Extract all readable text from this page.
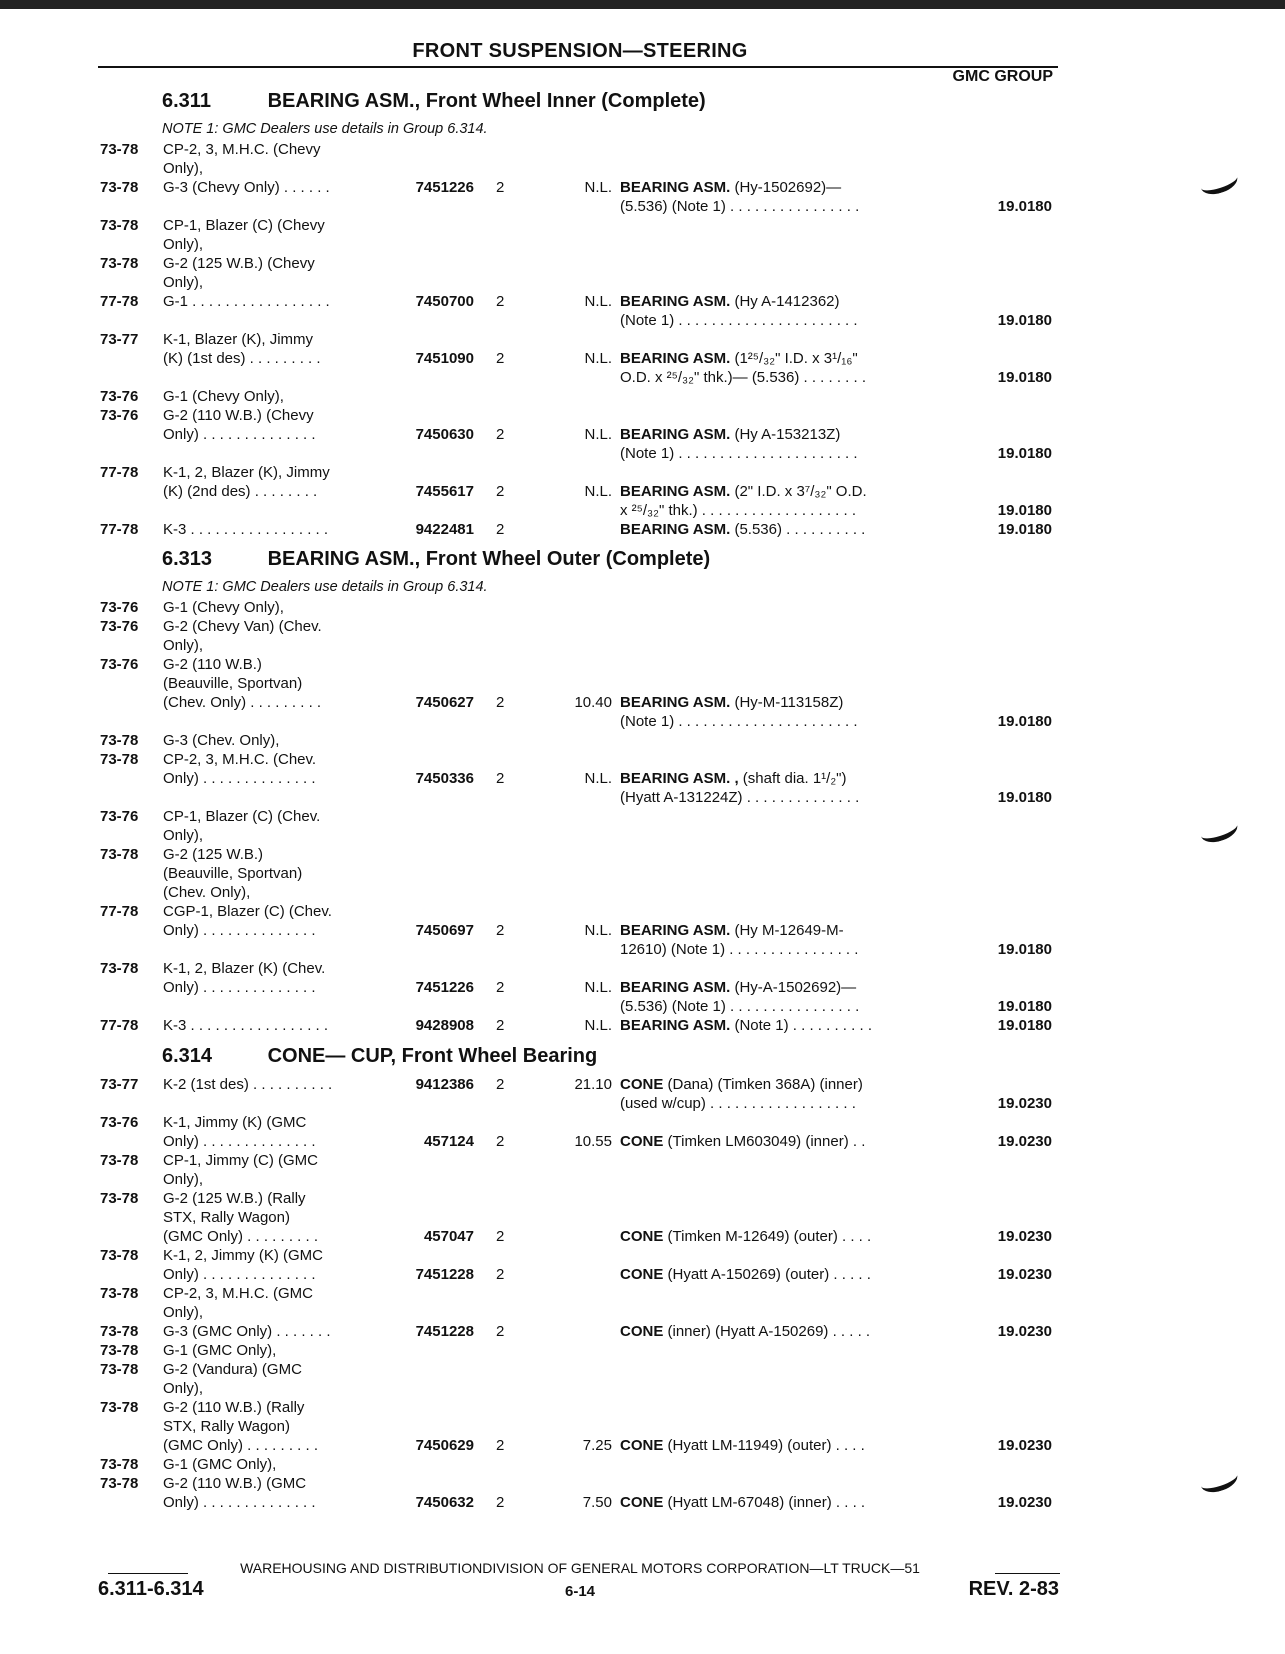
FRONT SUSPENSION—STEERING
GMC GROUP
6.311	BEARING ASM., Front Wheel Inner (Complete)
NOTE 1: GMC Dealers use details in Group 6.314.
6.313	BEARING ASM., Front Wheel Outer (Complete)
NOTE 1: GMC Dealers use details in Group 6.314.
6.314	CONE— CUP, Front Wheel Bearing
73-78	CP-2, 3, M.H.C. (Chevy
Only),
73-78	G-3 (Chevy Only) . . . . . .	7451226 2	N.L. BEARING ASM. (Hy-1502692)—
(5.536) (Note 1) . . . . . . . . . . . . . . . .	19.0180
73-78	CP-1, Blazer (C) (Chevy
Only),
73-78	G-2 (125 W.B.) (Chevy
Only),
77-78	G-1 . . . . . . . . . . . . . . . . .	7450700 2	N.L. BEARING ASM. (Hy A-1412362)
(Note 1) . . . . . . . . . . . . . . . . . . . . . .	19.0180
73-77	K-1, Blazer (K), Jimmy
(K) (1st des) . . . . . . . . .	7451090 2	N.L. BEARING ASM. (1²⁵/₃₂" I.D. x 3¹/₁₆"
O.D. x ²⁵/₃₂" thk.)— (5.536) . . . . . . . .	19.0180
73-76	G-1 (Chevy Only),
73-76	G-2 (110 W.B.) (Chevy
Only) . . . . . . . . . . . . . .	7450630 2	N.L. BEARING ASM. (Hy A-153213Z)
(Note 1) . . . . . . . . . . . . . . . . . . . . . .	19.0180
77-78	K-1, 2, Blazer (K), Jimmy
(K) (2nd des) . . . . . . . .	7455617 2	N.L. BEARING ASM. (2" I.D. x 3⁷/₃₂" O.D.
x ²⁵/₃₂" thk.) . . . . . . . . . . . . . . . . . . .	19.0180
77-78	K-3 . . . . . . . . . . . . . . . . .	9422481 2	BEARING ASM. (5.536) . . . . . . . . . .	19.0180
73-76	G-1 (Chevy Only),
73-76	G-2 (Chevy Van) (Chev.
Only),
73-76	G-2 (110 W.B.)
(Beauville, Sportvan)
(Chev. Only) . . . . . . . . .	7450627 2	10.40 BEARING ASM. (Hy-M-113158Z)
(Note 1) . . . . . . . . . . . . . . . . . . . . . .	19.0180
73-78	G-3 (Chev. Only),
73-78	CP-2, 3, M.H.C. (Chev.
Only) . . . . . . . . . . . . . .	7450336 2	N.L. BEARING ASM. , (shaft dia. 1¹/₂")
(Hyatt A-131224Z) . . . . . . . . . . . . . .	19.0180
73-76	CP-1, Blazer (C) (Chev.
Only),
73-78	G-2 (125 W.B.)
(Beauville, Sportvan)
(Chev. Only),
77-78	CGP-1, Blazer (C) (Chev.
Only) . . . . . . . . . . . . . .	7450697 2	N.L. BEARING ASM. (Hy M-12649-M-
12610) (Note 1) . . . . . . . . . . . . . . . .	19.0180
73-78	K-1, 2, Blazer (K) (Chev.
Only) . . . . . . . . . . . . . .	7451226 2	N.L. BEARING ASM. (Hy-A-1502692)—
(5.536) (Note 1) . . . . . . . . . . . . . . . .	19.0180
77-78	K-3 . . . . . . . . . . . . . . . . .	9428908 2	N.L. BEARING ASM. (Note 1) . . . . . . . . . .	19.0180
73-77	K-2 (1st des) . . . . . . . . . .	9412386 2	21.10 CONE (Dana) (Timken 368A) (inner)
(used w/cup) . . . . . . . . . . . . . . . . . .	19.0230
73-76	K-1, Jimmy (K) (GMC
Only) . . . . . . . . . . . . . .	457124 2	10.55 CONE (Timken LM603049) (inner) . .	19.0230
73-78	CP-1, Jimmy (C) (GMC
Only),
73-78	G-2 (125 W.B.) (Rally
STX, Rally Wagon)
(GMC Only) . . . . . . . . .	457047 2	CONE (Timken M-12649) (outer) . . . .	19.0230
73-78	K-1, 2, Jimmy (K) (GMC
Only) . . . . . . . . . . . . . .	7451228 2	CONE (Hyatt A-150269) (outer) . . . . .	19.0230
73-78	CP-2, 3, M.H.C. (GMC
Only),
73-78	G-3 (GMC Only) . . . . . . .	7451228 2	CONE (inner) (Hyatt A-150269) . . . . .	19.0230
73-78	G-1 (GMC Only),
73-78	G-2 (Vandura) (GMC
Only),
73-78	G-2 (110 W.B.) (Rally
STX, Rally Wagon)
(GMC Only) . . . . . . . . .	7450629 2	7.25 CONE (Hyatt LM-11949) (outer) . . . .	19.0230
73-78	G-1 (GMC Only),
73-78	G-2 (110 W.B.) (GMC
Only) . . . . . . . . . . . . . .	7450632 2	7.50 CONE (Hyatt LM-67048) (inner) . . . .	19.0230
WAREHOUSING AND DISTRIBUTIONDIVISION OF GENERAL MOTORS CORPORATION—LT TRUCK—51
6.311-6.314	6-14	REV. 2-83
